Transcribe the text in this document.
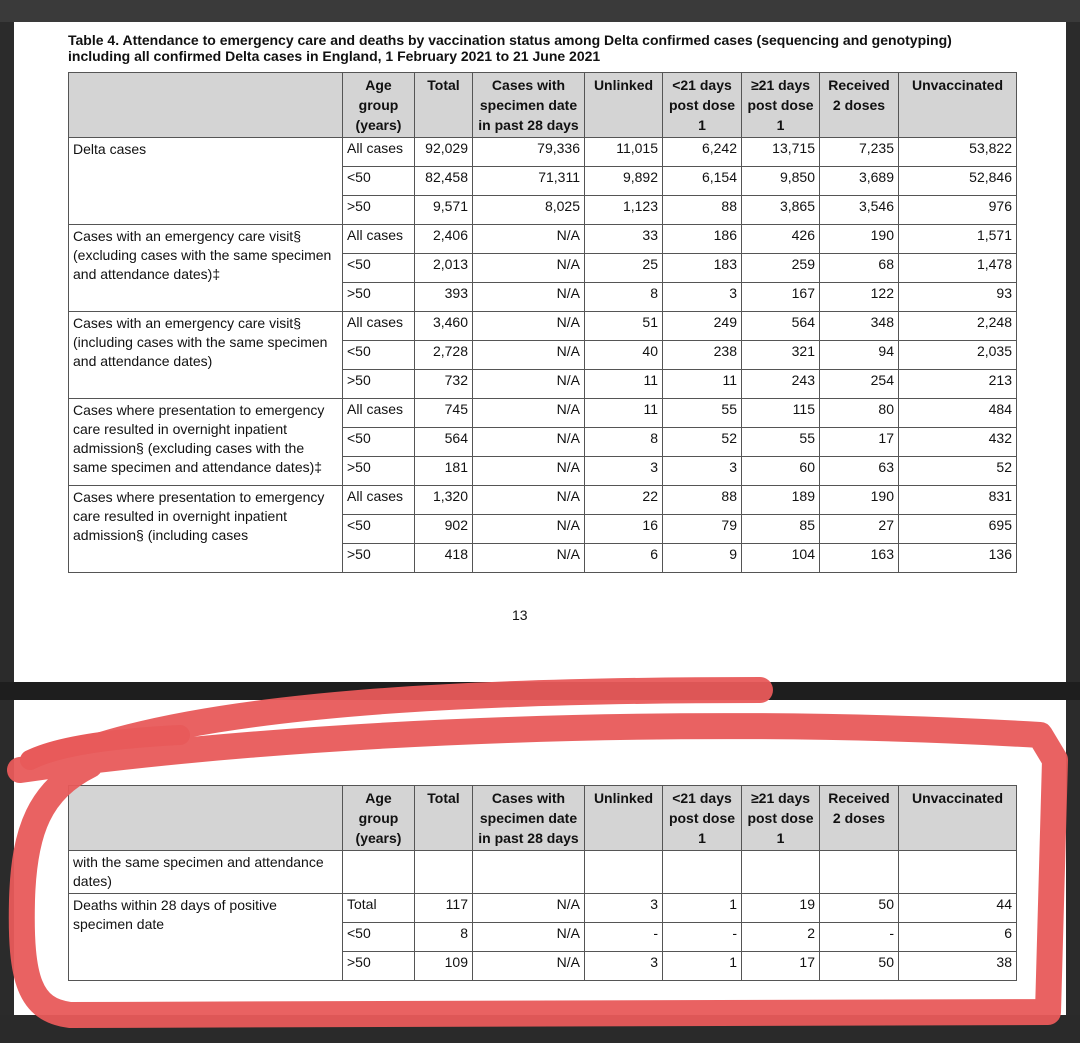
Table 4. Attendance to emergency care and deaths by vaccination status among Delta confirmed cases (sequencing and genotyping) including all confirmed Delta cases in England, 1 February 2021 to 21 June 2021
	Age group (years)	Total	Cases with specimen date in past 28 days	Unlinked	<21 days post dose 1	≥21 days post dose 1	Received 2 doses	Unvaccinated
Delta cases	All cases	92,029	79,336	11,015	6,242	13,715	7,235	53,822
	<50	82,458	71,311	9,892	6,154	9,850	3,689	52,846
	>50	9,571	8,025	1,123	88	3,865	3,546	976
Cases with an emergency care visit§ (excluding cases with the same specimen and attendance dates)‡	All cases	2,406	N/A	33	186	426	190	1,571
	<50	2,013	N/A	25	183	259	68	1,478
	>50	393	N/A	8	3	167	122	93
Cases with an emergency care visit§ (including cases with the same specimen and attendance dates)	All cases	3,460	N/A	51	249	564	348	2,248
	<50	2,728	N/A	40	238	321	94	2,035
	>50	732	N/A	11	11	243	254	213
Cases where presentation to emergency care resulted in overnight inpatient admission§ (excluding cases with the same specimen and attendance dates)‡	All cases	745	N/A	11	55	115	80	484
	<50	564	N/A	8	52	55	17	432
	>50	181	N/A	3	3	60	63	52
Cases where presentation to emergency care resulted in overnight inpatient admission§ (including cases	All cases	1,320	N/A	22	88	189	190	831
	<50	902	N/A	16	79	85	27	695
	>50	418	N/A	6	9	104	163	136
13
	Age group (years)	Total	Cases with specimen date in past 28 days	Unlinked	<21 days post dose 1	≥21 days post dose 1	Received 2 doses	Unvaccinated
with the same specimen and attendance dates)								
Deaths within 28 days of positive specimen date	Total	117	N/A	3	1	19	50	44
	<50	8	N/A	-	-	2	-	6
	>50	109	N/A	3	1	17	50	38
